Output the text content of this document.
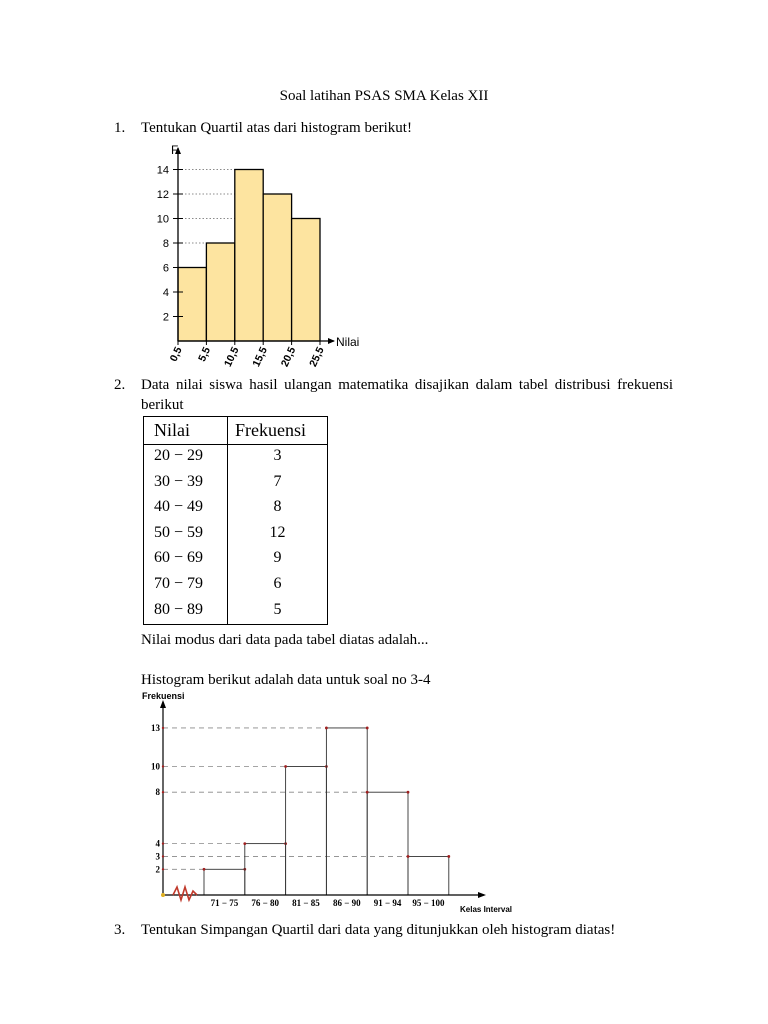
Soal latihan PSAS SMA Kelas XII
1. Tentukan Quartil atas dari histogram berikut!
2
4
6
8
10
12
14
0,5 5,5 10,5 15,5 20,5 25,5
F
Nilai
2. Data nilai siswa hasil ulangan matematika disajikan dalam tabel distribusi frekuensi
berikut
Nilai	Frekuensi
20 − 29	3
30 − 39	7
40 − 49	8
50 − 59	12
60 − 69	9
70 − 79	6
80 − 89	5
Nilai modus dari data pada tabel diatas adalah...
Histogram berikut adalah data untuk soal no 3-4
2
3
4
8
10
13
71 − 75 76 − 80 81 − 85 86 − 90 91 − 94 95 − 100
Frekuensi
Kelas Interval
3. Tentukan Simpangan Quartil dari data yang ditunjukkan oleh histogram diatas!
